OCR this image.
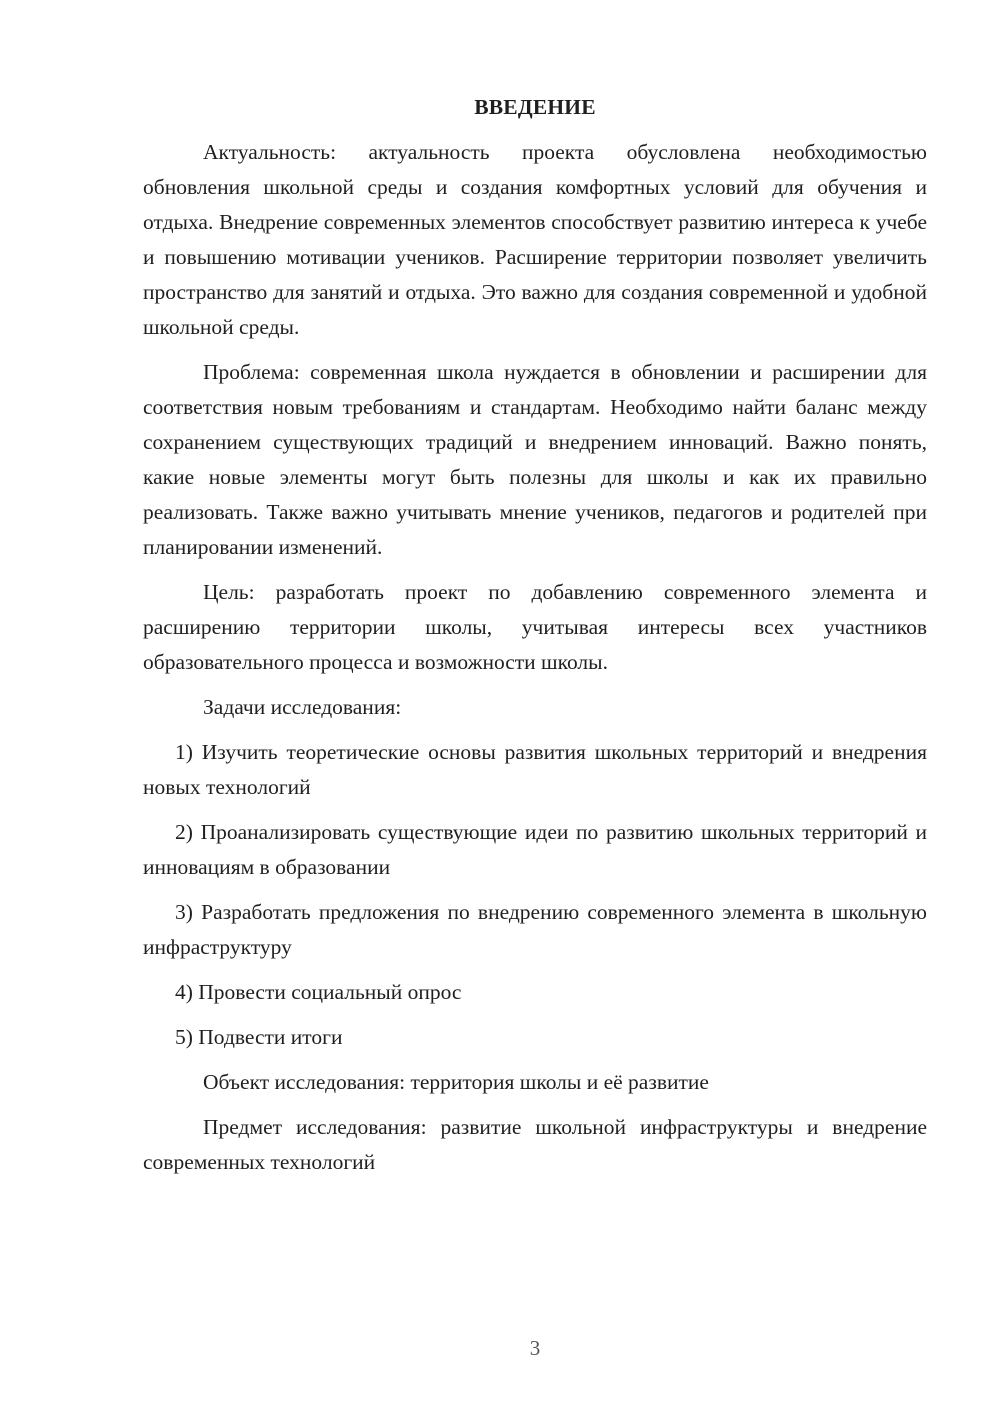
ВВЕДЕНИЕ

Актуальность: актуальность проекта обусловлена необходимостью обновления школьной среды и создания комфортных условий для обучения и отдыха. Внедрение современных элементов способствует развитию интереса к учебе и повышению мотивации учеников. Расширение территории позволяет увеличить пространство для занятий и отдыха. Это важно для создания современной и удобной школьной среды.

Проблема: современная школа нуждается в обновлении и расширении для соответствия новым требованиям и стандартам. Необходимо найти баланс между сохранением существующих традиций и внедрением инноваций. Важно понять, какие новые элементы могут быть полезны для школы и как их правильно реализовать. Также важно учитывать мнение учеников, педагогов и родителей при планировании изменений.

Цель: разработать проект по добавлению современного элемента и расширению территории школы, учитывая интересы всех участников образовательного процесса и возможности школы.

Задачи исследования:

1) Изучить теоретические основы развития школьных территорий и внедрения новых технологий

2) Проанализировать существующие идеи по развитию школьных территорий и инновациям в образовании

3) Разработать предложения по внедрению современного элемента в школьную инфраструктуру

4) Провести социальный опрос

5) Подвести итоги

Объект исследования: территория школы и её развитие

Предмет исследования: развитие школьной инфраструктуры и внедрение современных технологий

3
